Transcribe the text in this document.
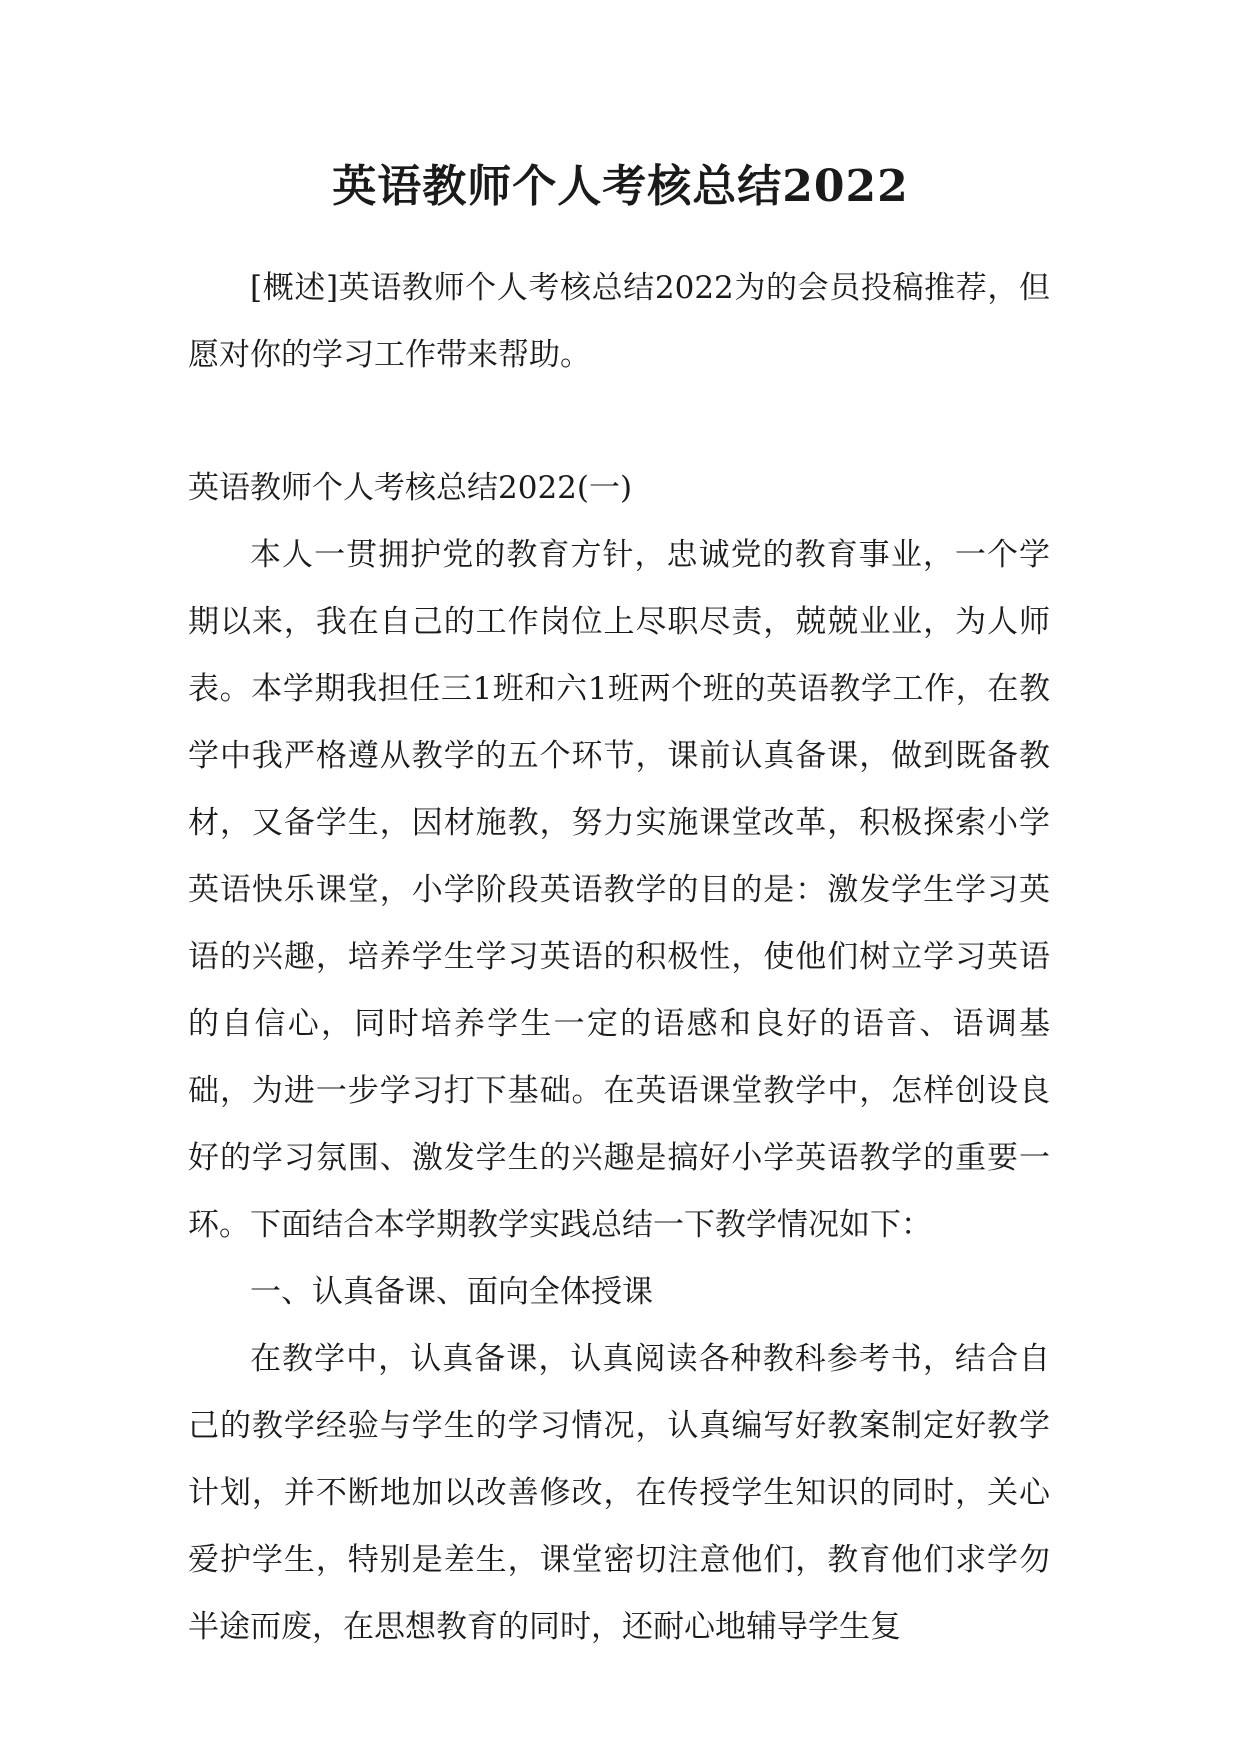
英语教师个人考核总结2022

[概述]英语教师个人考核总结2022为的会员投稿推荐，但愿对你的学习工作带来帮助。

英语教师个人考核总结2022(一)

本人一贯拥护党的教育方针，忠诚党的教育事业，一个学期以来，我在自己的工作岗位上尽职尽责，兢兢业业，为人师表。本学期我担任三1班和六1班两个班的英语教学工作，在教学中我严格遵从教学的五个环节，课前认真备课，做到既备教材，又备学生，因材施教，努力实施课堂改革，积极探索小学英语快乐课堂，小学阶段英语教学的目的是：激发学生学习英语的兴趣，培养学生学习英语的积极性，使他们树立学习英语的自信心，同时培养学生一定的语感和良好的语音、语调基础，为进一步学习打下基础。在英语课堂教学中，怎样创设良好的学习氛围、激发学生的兴趣是搞好小学英语教学的重要一环。下面结合本学期教学实践总结一下教学情况如下：

一、认真备课、面向全体授课

在教学中，认真备课，认真阅读各种教科参考书，结合自己的教学经验与学生的学习情况，认真编写好教案制定好教学计划，并不断地加以改善修改，在传授学生知识的同时，关心爱护学生，特别是差生，课堂密切注意他们，教育他们求学勿半途而废，在思想教育的同时，还耐心地辅导学生复
